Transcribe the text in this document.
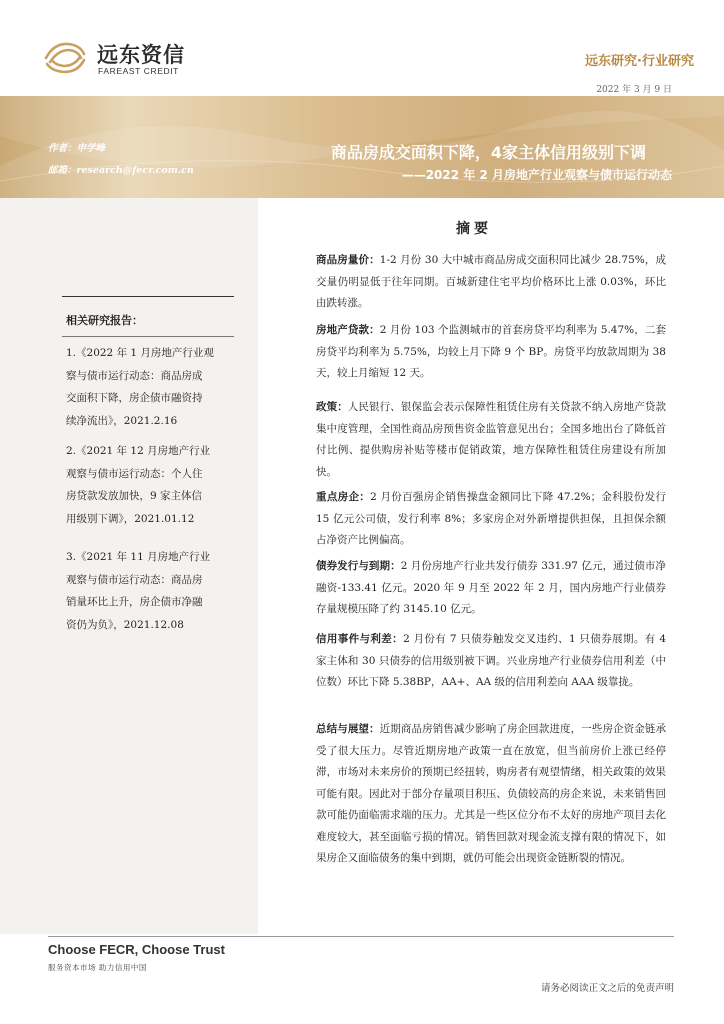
远东资信
FAREAST CREDIT
远东研究·行业研究
2022 年 3 月 9 日
作者：申学峰
邮箱：research@fecr.com.cn
商品房成交面积下降，4家主体信用级别下调
——2022 年 2 月房地产行业观察与债市运行动态
相关研究报告：
1.《2022 年 1 月房地产行业观
察与债市运行动态：商品房成
交面积下降，房企债市融资持
续净流出》，2021.2.16
2.《2021 年 12 月房地产行业
观察与债市运行动态：个人住
房贷款发放加快，9 家主体信
用级别下调》，2021.01.12
3.《2021 年 11 月房地产行业
观察与债市运行动态：商品房
销量环比上升，房企债市净融
资仍为负》，2021.12.08
摘要

商品房量价：1-2 月份 30 大中城市商品房成交面积同比减少 28.75%，成交量仍明显低于往年同期。百城新建住宅平均价格环比上涨 0.03%，环比由跌转涨。

房地产贷款：2 月份 103 个监测城市的首套房贷平均利率为 5.47%，二套房贷平均利率为 5.75%，均较上月下降 9 个 BP。房贷平均放款周期为 38 天，较上月缩短 12 天。

政策：人民银行、银保监会表示保障性租赁住房有关贷款不纳入房地产贷款集中度管理，全国性商品房预售资金监管意见出台；全国多地出台了降低首付比例、提供购房补贴等楼市促销政策，地方保障性租赁住房建设有所加快。

重点房企：2 月份百强房企销售操盘金额同比下降 47.2%；金科股份发行 15 亿元公司债，发行利率 8%；多家房企对外新增提供担保，且担保余额占净资产比例偏高。

债券发行与到期：2 月份房地产行业共发行债券 331.97 亿元，通过债市净融资-133.41 亿元。2020 年 9 月至 2022 年 2 月，国内房地产行业债券存量规模压降了约 3145.10 亿元。

信用事件与利差：2 月份有 7 只债券触发交叉违约、1 只债券展期。有 4 家主体和 30 只债券的信用级别被下调。兴业房地产行业债券信用利差（中位数）环比下降 5.38BP，AA+、AA 级的信用利差向 AAA 级靠拢。

总结与展望：近期商品房销售减少影响了房企回款进度，一些房企资金链承受了很大压力。尽管近期房地产政策一直在放宽，但当前房价上涨已经停滞，市场对未来房价的预期已经扭转，购房者有观望情绪，相关政策的效果可能有限。因此对于部分存量项目积压、负债较高的房企来说，未来销售回款可能仍面临需求端的压力。尤其是一些区位分布不太好的房地产项目去化难度较大，甚至面临亏损的情况。销售回款对现金流支撑有限的情况下，如果房企又面临债务的集中到期，就仍可能会出现资金链断裂的情况。

Choose FECR, Choose Trust
服务资本市场 助力信用中国
请务必阅读正文之后的免责声明
